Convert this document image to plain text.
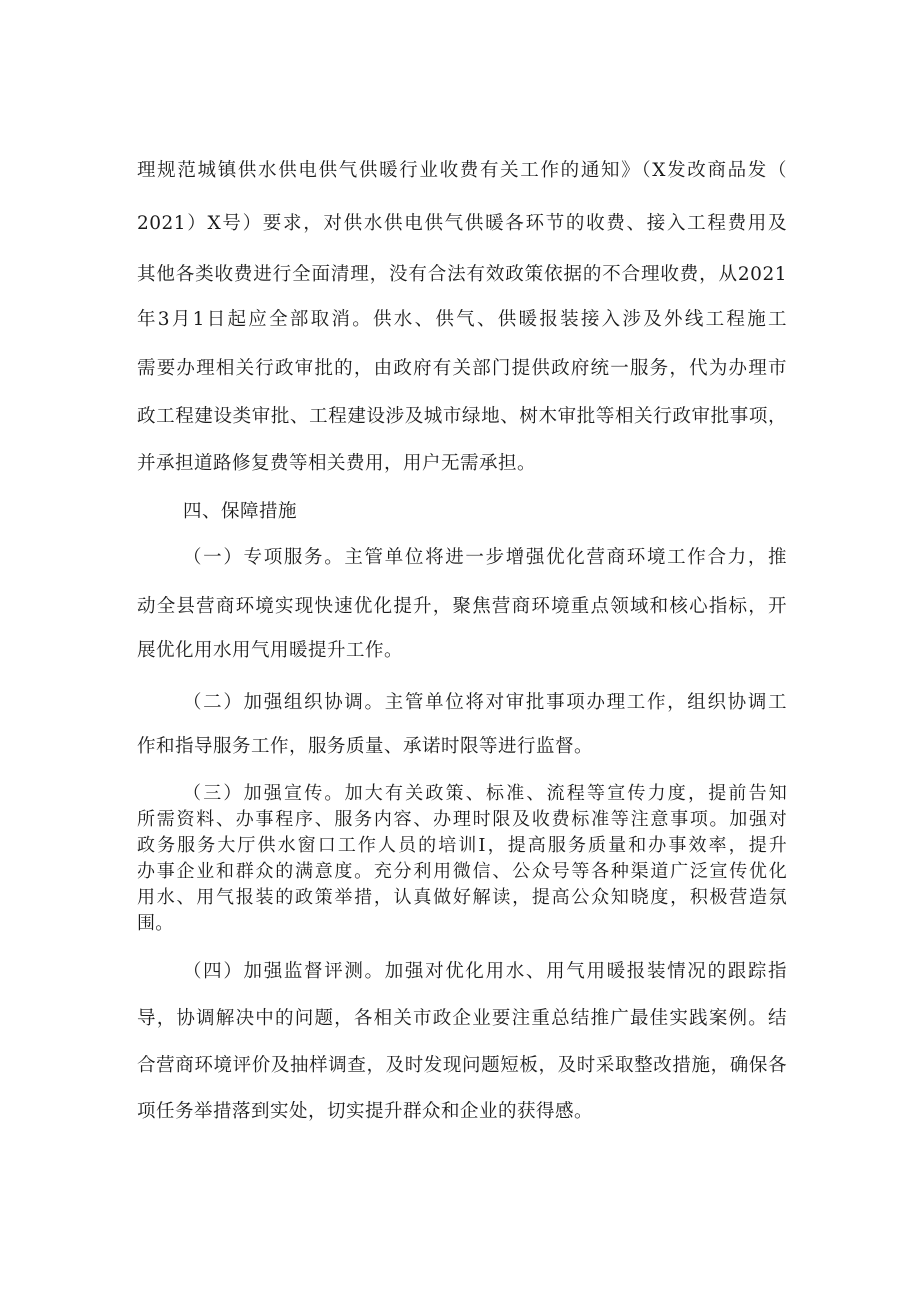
理规范城镇供水供电供气供暖行业收费有关工作的通知》（X发改商品发（
2021）X号）要求，对供水供电供气供暖各环节的收费、接入工程费用及
其他各类收费进行全面清理，没有合法有效政策依据的不合理收费，从2021
年3月1日起应全部取消。供水、供气、供暖报装接入涉及外线工程施工
需要办理相关行政审批的，由政府有关部门提供政府统一服务，代为办理市
政工程建设类审批、工程建设涉及城市绿地、树木审批等相关行政审批事项，
并承担道路修复费等相关费用，用户无需承担。
四、保障措施
（一）专项服务。主管单位将进一步增强优化营商环境工作合力，推
动全县营商环境实现快速优化提升，聚焦营商环境重点领域和核心指标，开
展优化用水用气用暖提升工作。
（二）加强组织协调。主管单位将对审批事项办理工作，组织协调工
作和指导服务工作，服务质量、承诺时限等进行监督。
（三）加强宣传。加大有关政策、标准、流程等宣传力度，提前告知
所需资料、办事程序、服务内容、办理时限及收费标准等注意事项。加强对
政务服务大厅供水窗口工作人员的培训I，提高服务质量和办事效率，提升
办事企业和群众的满意度。充分利用微信、公众号等各种渠道广泛宣传优化
用水、用气报装的政策举措，认真做好解读，提高公众知晓度，积极营造氛
围。
（四）加强监督评测。加强对优化用水、用气用暖报装情况的跟踪指
导，协调解决中的问题，各相关市政企业要注重总结推广最佳实践案例。结
合营商环境评价及抽样调查，及时发现问题短板，及时采取整改措施，确保各
项任务举措落到实处，切实提升群众和企业的获得感。
